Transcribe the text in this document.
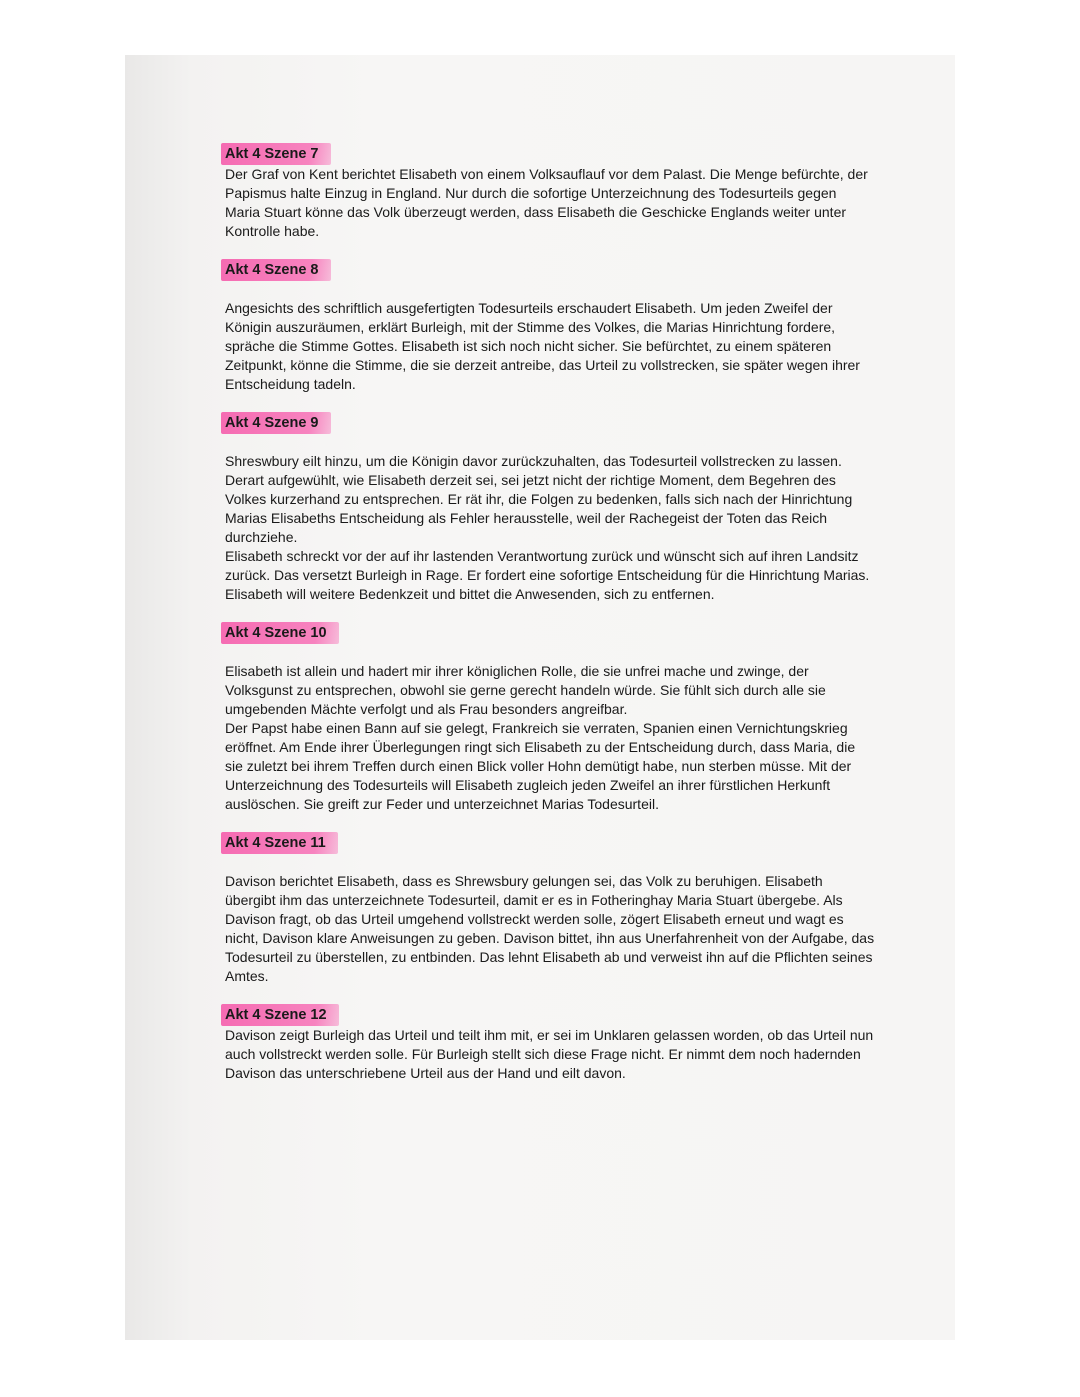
Akt 4 Szene 7

Der Graf von Kent berichtet Elisabeth von einem Volksauflauf vor dem Palast. Die Menge befürchte, der Papismus halte Einzug in England. Nur durch die sofortige Unterzeichnung des Todesurteils gegen Maria Stuart könne das Volk überzeugt werden, dass Elisabeth die Geschicke Englands weiter unter Kontrolle habe.

Akt 4 Szene 8

Angesichts des schriftlich ausgefertigten Todesurteils erschaudert Elisabeth. Um jeden Zweifel der Königin auszuräumen, erklärt Burleigh, mit der Stimme des Volkes, die Marias Hinrichtung fordere, spräche die Stimme Gottes. Elisabeth ist sich noch nicht sicher. Sie befürchtet, zu einem späteren Zeitpunkt, könne die Stimme, die sie derzeit antreibe, das Urteil zu vollstrecken, sie später wegen ihrer Entscheidung tadeln.

Akt 4 Szene 9

Shreswbury eilt hinzu, um die Königin davor zurückzuhalten, das Todesurteil vollstrecken zu lassen. Derart aufgewühlt, wie Elisabeth derzeit sei, sei jetzt nicht der richtige Moment, dem Begehren des Volkes kurzerhand zu entsprechen. Er rät ihr, die Folgen zu bedenken, falls sich nach der Hinrichtung Marias Elisabeths Entscheidung als Fehler herausstelle, weil der Rachegeist der Toten das Reich durchziehe.

Elisabeth schreckt vor der auf ihr lastenden Verantwortung zurück und wünscht sich auf ihren Landsitz zurück. Das versetzt Burleigh in Rage. Er fordert eine sofortige Entscheidung für die Hinrichtung Marias. Elisabeth will weitere Bedenkzeit und bittet die Anwesenden, sich zu entfernen.

Akt 4 Szene 10

Elisabeth ist allein und hadert mir ihrer königlichen Rolle, die sie unfrei mache und zwinge, der Volksgunst zu entsprechen, obwohl sie gerne gerecht handeln würde. Sie fühlt sich durch alle sie umgebenden Mächte verfolgt und als Frau besonders angreifbar.

Der Papst habe einen Bann auf sie gelegt, Frankreich sie verraten, Spanien einen Vernichtungskrieg eröffnet. Am Ende ihrer Überlegungen ringt sich Elisabeth zu der Entscheidung durch, dass Maria, die sie zuletzt bei ihrem Treffen durch einen Blick voller Hohn demütigt habe, nun sterben müsse. Mit der Unterzeichnung des Todesurteils will Elisabeth zugleich jeden Zweifel an ihrer fürstlichen Herkunft auslöschen. Sie greift zur Feder und unterzeichnet Marias Todesurteil.

Akt 4 Szene 11

Davison berichtet Elisabeth, dass es Shrewsbury gelungen sei, das Volk zu beruhigen. Elisabeth übergibt ihm das unterzeichnete Todesurteil, damit er es in Fotheringhay Maria Stuart übergebe. Als Davison fragt, ob das Urteil umgehend vollstreckt werden solle, zögert Elisabeth erneut und wagt es nicht, Davison klare Anweisungen zu geben. Davison bittet, ihn aus Unerfahrenheit von der Aufgabe, das Todesurteil zu überstellen, zu entbinden. Das lehnt Elisabeth ab und verweist ihn auf die Pflichten seines Amtes.

Akt 4 Szene 12

Davison zeigt Burleigh das Urteil und teilt ihm mit, er sei im Unklaren gelassen worden, ob das Urteil nun auch vollstreckt werden solle. Für Burleigh stellt sich diese Frage nicht. Er nimmt dem noch hadernden Davison das unterschriebene Urteil aus der Hand und eilt davon.
